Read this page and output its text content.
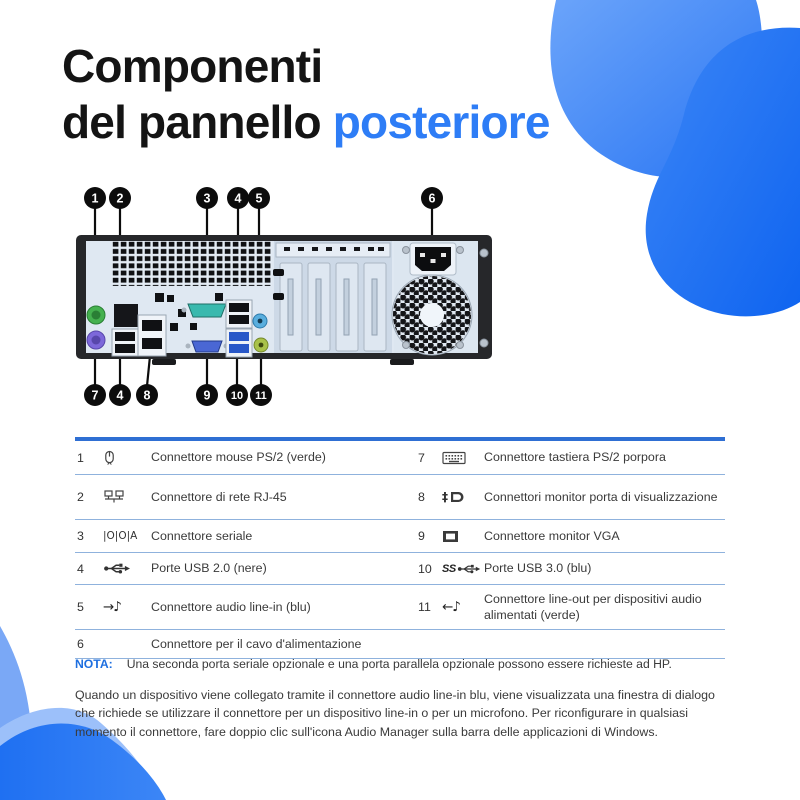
Componenti
del pannello posteriore
1 2	3 4 5	6
7 4 8	9 10 11
1	Connettore mouse PS/2 (verde)	7	Connettore tastiera PS/2 porpora
2	Connettore di rete RJ-45	8	‡	Connettori monitor porta di visualizzazione
3	|O|O|A	Connettore seriale	9	Connettore monitor VGA
4	Porte USB 2.0 (nere)	10 SS Porte USB 3.0 (blu)
5	→♪	Connettore audio line-in (blu)	11 ←♪
Connettore line-out per dispositivi audio alimentati (verde)
6	Connettore per il cavo d'alimentazione
NOTA: Una seconda porta seriale opzionale e una porta parallela opzionale possono essere richieste ad HP.
Quando un dispositivo viene collegato tramite il connettore audio line-in blu, viene visualizzata una finestra di dialogo che richiede se utilizzare il connettore per un dispositivo line-in o per un microfono. Per riconfigurare in qualsiasi momento il connettore, fare doppio clic sull'icona Audio Manager sulla barra delle applicazioni di Windows.
